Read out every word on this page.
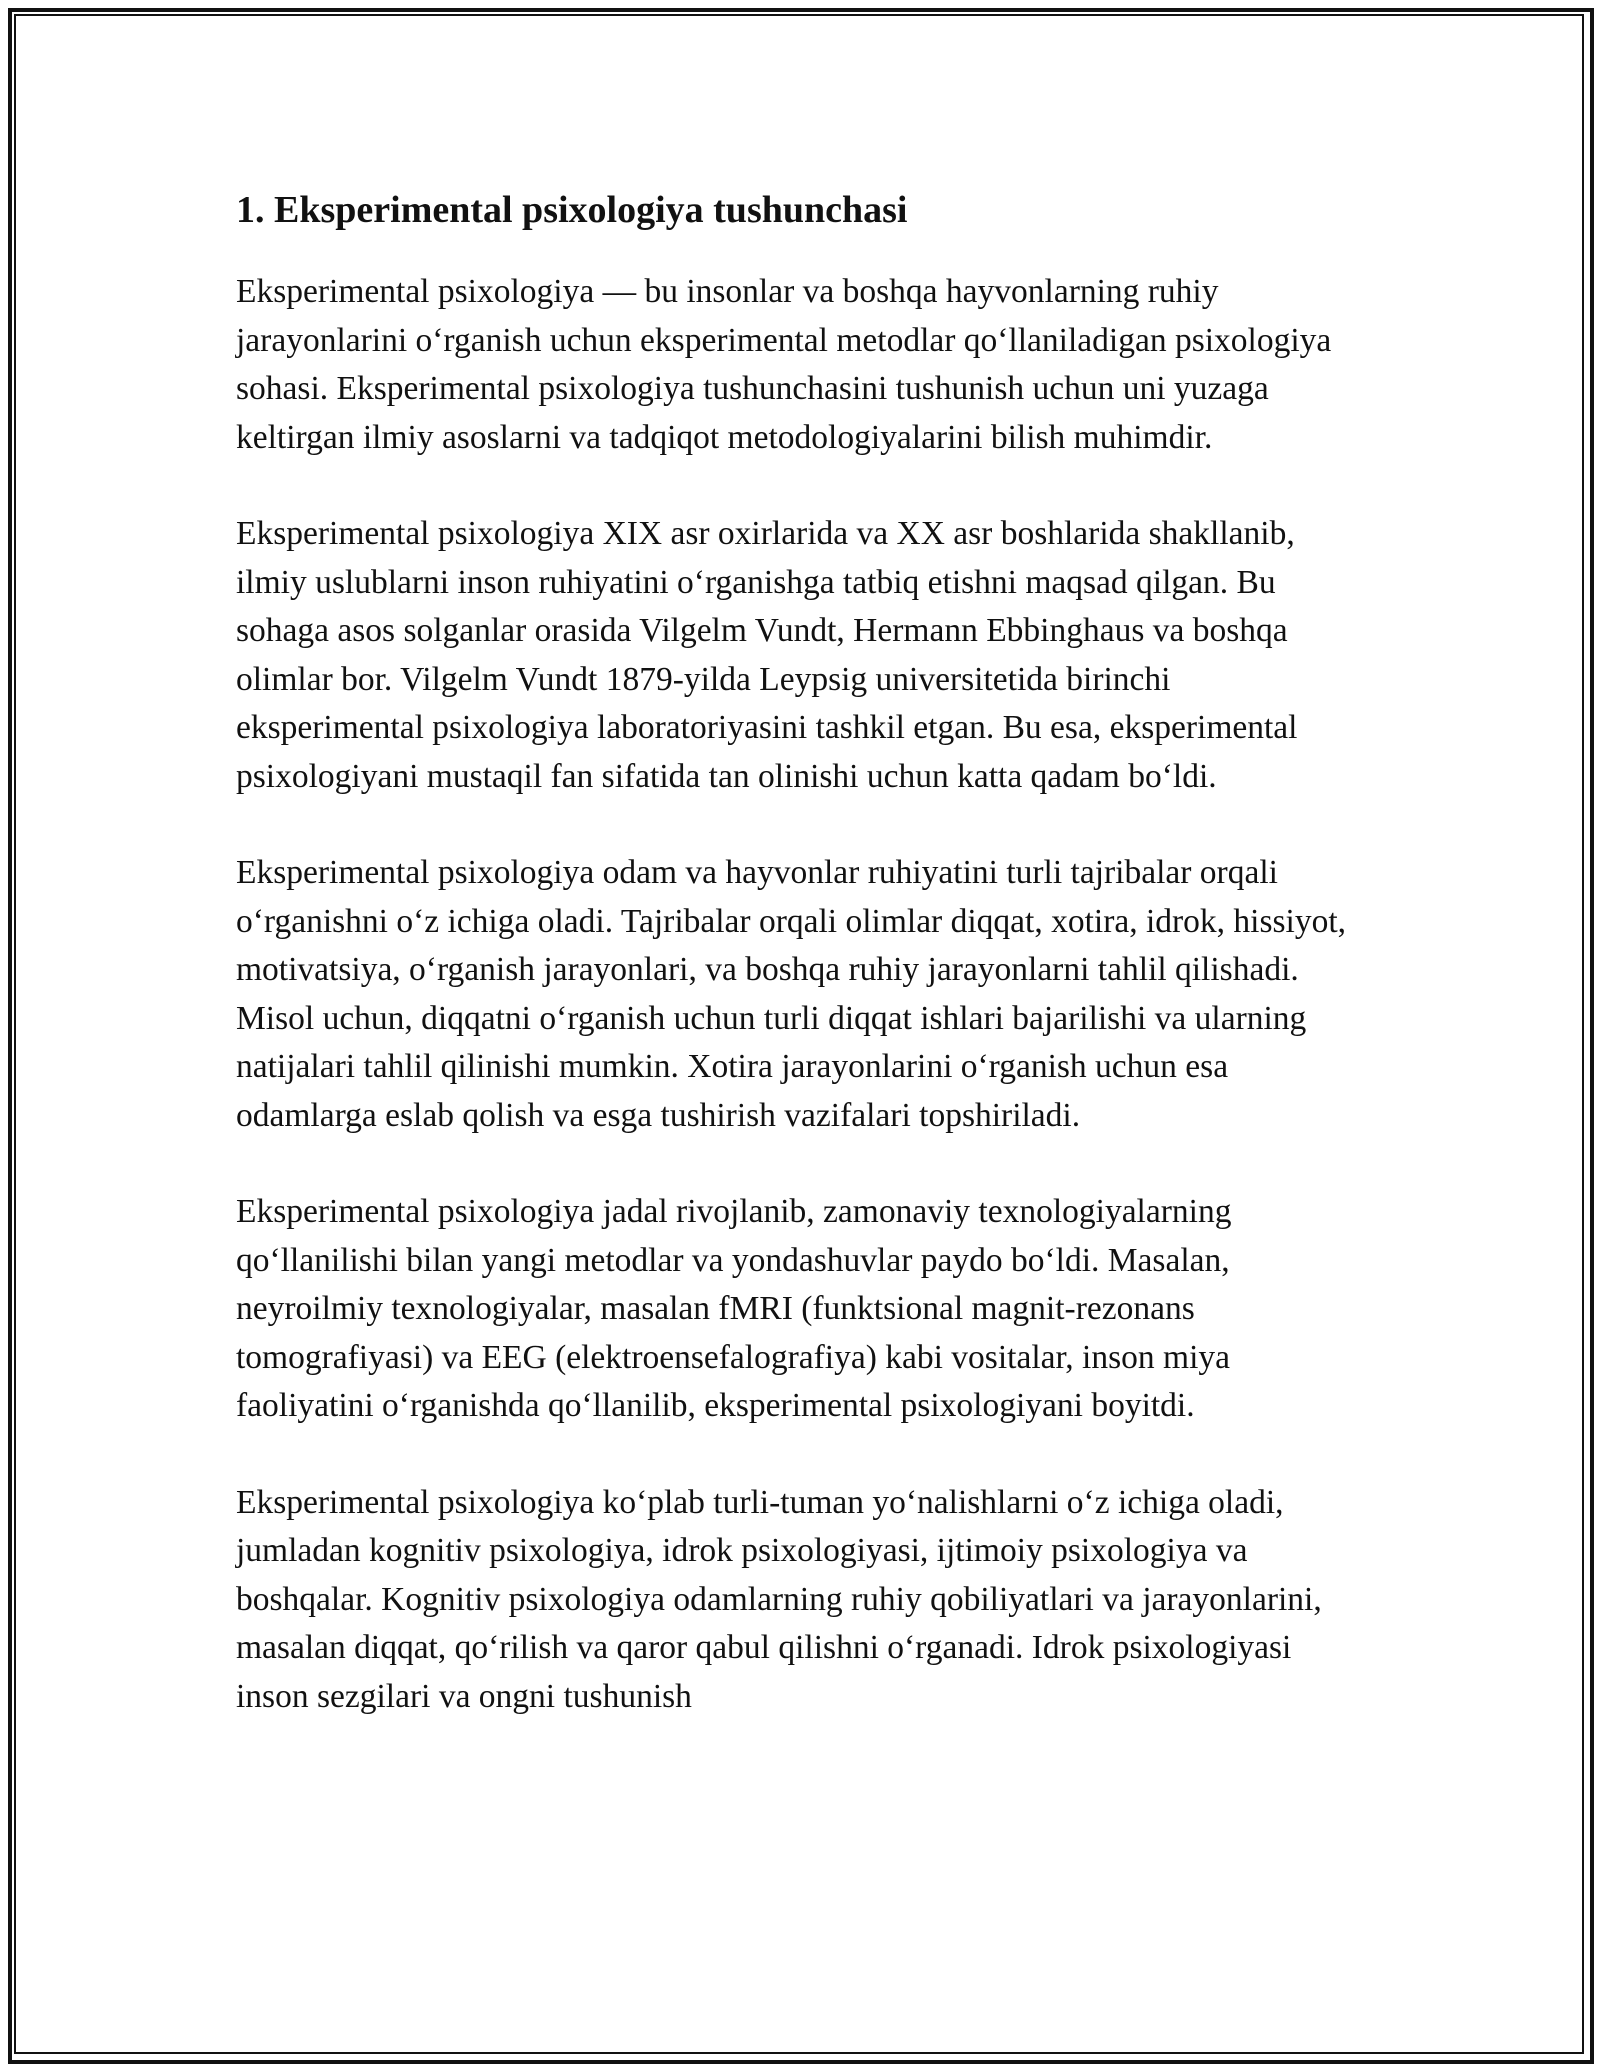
1. Eksperimental psixologiya tushunchasi

Eksperimental psixologiya — bu insonlar va boshqa hayvonlarning ruhiy jarayonlarini o‘rganish uchun eksperimental metodlar qo‘llaniladigan psixologiya sohasi. Eksperimental psixologiya tushunchasini tushunish uchun uni yuzaga keltirgan ilmiy asoslarni va tadqiqot metodologiyalarini bilish muhimdir.

Eksperimental psixologiya XIX asr oxirlarida va XX asr boshlarida shakllanib, ilmiy uslublarni inson ruhiyatini o‘rganishga tatbiq etishni maqsad qilgan. Bu sohaga asos solganlar orasida Vilgelm Vundt, Hermann Ebbinghaus va boshqa olimlar bor. Vilgelm Vundt 1879-yilda Leypsig universitetida birinchi eksperimental psixologiya laboratoriyasini tashkil etgan. Bu esa, eksperimental psixologiyani mustaqil fan sifatida tan olinishi uchun katta qadam bo‘ldi.

Eksperimental psixologiya odam va hayvonlar ruhiyatini turli tajribalar orqali o‘rganishni o‘z ichiga oladi. Tajribalar orqali olimlar diqqat, xotira, idrok, hissiyot, motivatsiya, o‘rganish jarayonlari, va boshqa ruhiy jarayonlarni tahlil qilishadi. Misol uchun, diqqatni o‘rganish uchun turli diqqat ishlari bajarilishi va ularning natijalari tahlil qilinishi mumkin. Xotira jarayonlarini o‘rganish uchun esa odamlarga eslab qolish va esga tushirish vazifalari topshiriladi.

Eksperimental psixologiya jadal rivojlanib, zamonaviy texnologiyalarning qo‘llanilishi bilan yangi metodlar va yondashuvlar paydo bo‘ldi. Masalan, neyroilmiy texnologiyalar, masalan fMRI (funktsional magnit-rezonans tomografiyasi) va EEG (elektroensefalografiya) kabi vositalar, inson miya faoliyatini o‘rganishda qo‘llanilib, eksperimental psixologiyani boyitdi.

Eksperimental psixologiya ko‘plab turli-tuman yo‘nalishlarni o‘z ichiga oladi, jumladan kognitiv psixologiya, idrok psixologiyasi, ijtimoiy psixologiya va boshqalar. Kognitiv psixologiya odamlarning ruhiy qobiliyatlari va jarayonlarini, masalan diqqat, qo‘rilish va qaror qabul qilishni o‘rganadi. Idrok psixologiyasi inson sezgilari va ongni tushunish
